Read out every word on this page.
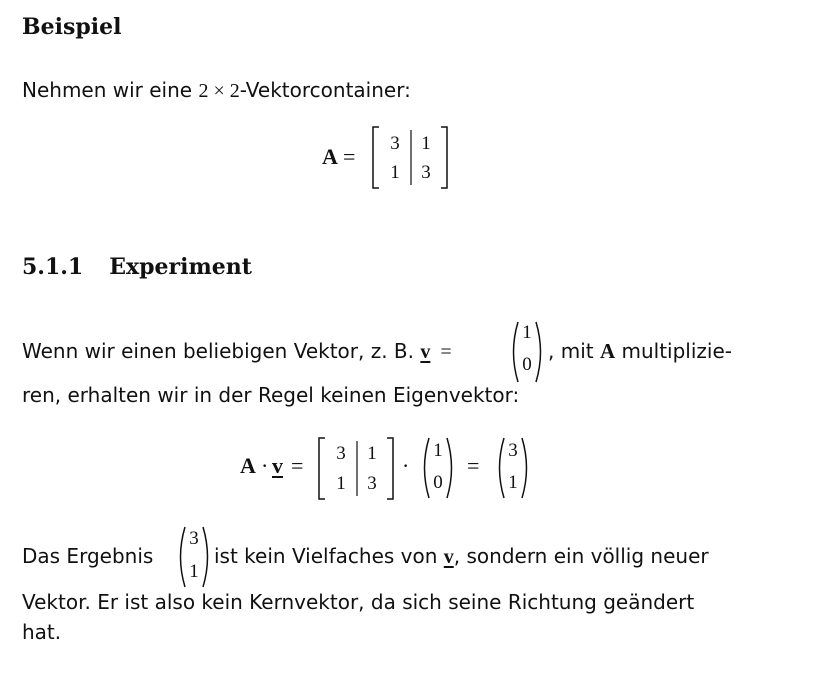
Beispiel
Nehmen wir eine 2 × 2-Vektorcontainer:
A =
3 1
1 3
5.1.1 Experiment
Wenn wir einen beliebigen Vektor, z. B. v =
1
0
, mit A multiplizie-
ren, erhalten wir in der Regel keinen Eigenvektor:
A · v = 3 1
1 3
·
1
0
=
3
1
Das Ergebnis
3
1
ist kein Vielfaches von v, sondern ein völlig neuer
Vektor. Er ist also kein Kernvektor, da sich seine Richtung geändert
hat.
